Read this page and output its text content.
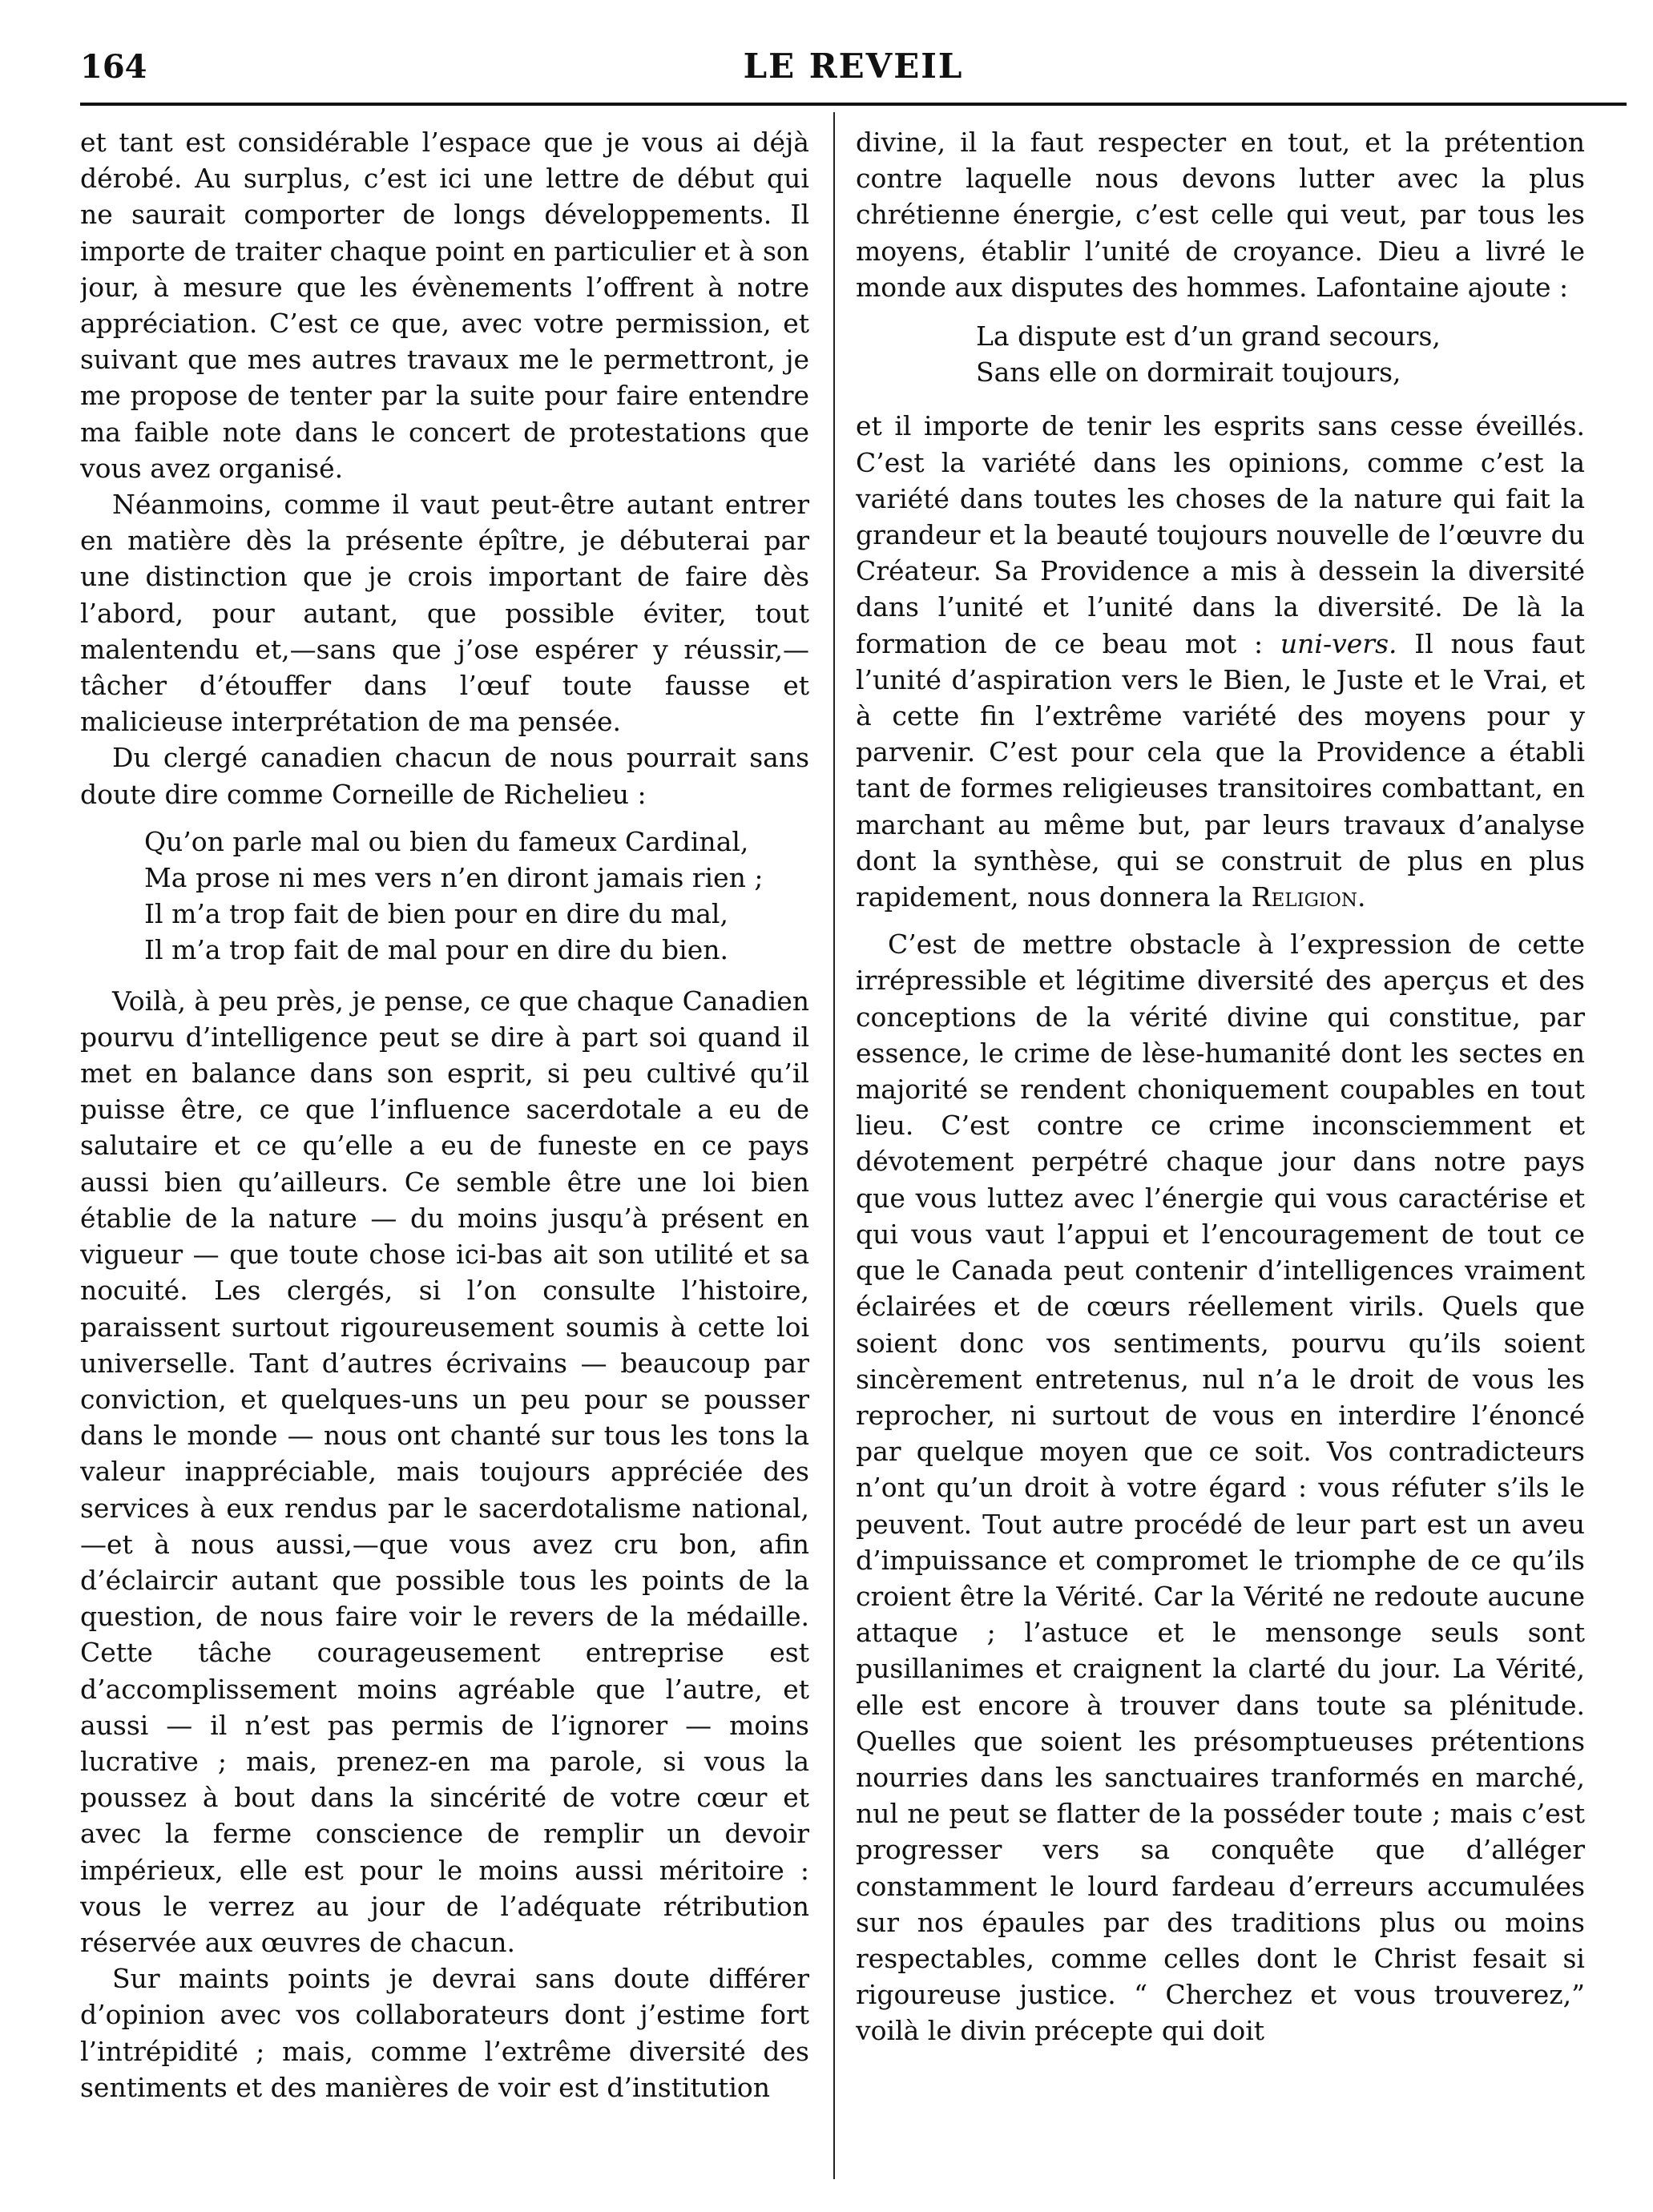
164	LE REVEIL

et tant est considérable l’espace que je vous ai déjà dérobé. Au surplus, c’est ici une lettre de début qui ne saurait comporter de longs développements. Il importe de traiter chaque point en particulier et à son jour, à mesure que les évènements l’offrent à notre appréciation. C’est ce que, avec votre permission, et suivant que mes autres travaux me le permettront, je me propose de tenter par la suite pour faire entendre ma faible note dans le concert de protestations que vous avez organisé.

Néanmoins, comme il vaut peut-être autant entrer en matière dès la présente épître, je débuterai par une distinction que je crois important de faire dès l’abord, pour autant, que possible éviter, tout malentendu et,—sans que j’ose espérer y réussir,—tâcher d’étouffer dans l’œuf toute fausse et malicieuse interprétation de ma pensée.

Du clergé canadien chacun de nous pourrait sans doute dire comme Corneille de Richelieu :

Qu’on parle mal ou bien du fameux Cardinal,
Ma prose ni mes vers n’en diront jamais rien ;
Il m’a trop fait de bien pour en dire du mal,
Il m’a trop fait de mal pour en dire du bien.

Voilà, à peu près, je pense, ce que chaque Canadien pourvu d’intelligence peut se dire à part soi quand il met en balance dans son esprit, si peu cultivé qu’il puisse être, ce que l’influence sacerdotale a eu de salutaire et ce qu’elle a eu de funeste en ce pays aussi bien qu’ailleurs. Ce semble être une loi bien établie de la nature — du moins jusqu’à présent en vigueur — que toute chose ici-bas ait son utilité et sa nocuité. Les clergés, si l’on consulte l’histoire, paraissent surtout rigoureusement soumis à cette loi universelle. Tant d’autres écrivains — beaucoup par conviction, et quelques-uns un peu pour se pousser dans le monde — nous ont chanté sur tous les tons la valeur inappréciable, mais toujours appréciée des services à eux rendus par le sacerdotalisme national,—et à nous aussi,—que vous avez cru bon, afin d’éclaircir autant que possible tous les points de la question, de nous faire voir le revers de la médaille. Cette tâche courageusement entreprise est d’accomplissement moins agréable que l’autre, et aussi — il n’est pas permis de l’ignorer — moins lucrative ; mais, prenez-en ma parole, si vous la poussez à bout dans la sincérité de votre cœur et avec la ferme conscience de remplir un devoir impérieux, elle est pour le moins aussi méritoire : vous le verrez au jour de l’adéquate rétribution réservée aux œuvres de chacun.

Sur maints points je devrai sans doute différer d’opinion avec vos collaborateurs dont j’estime fort l’intrépidité ; mais, comme l’extrême diversité des sentiments et des manières de voir est d’institution

divine, il la faut respecter en tout, et la prétention contre laquelle nous devons lutter avec la plus chrétienne énergie, c’est celle qui veut, par tous les moyens, établir l’unité de croyance. Dieu a livré le monde aux disputes des hommes. Lafontaine ajoute :

La dispute est d’un grand secours,
Sans elle on dormirait toujours,

et il importe de tenir les esprits sans cesse éveillés. C’est la variété dans les opinions, comme c’est la variété dans toutes les choses de la nature qui fait la grandeur et la beauté toujours nouvelle de l’œuvre du Créateur. Sa Providence a mis à dessein la diversité dans l’unité et l’unité dans la diversité. De là la formation de ce beau mot : uni-vers. Il nous faut l’unité d’aspiration vers le Bien, le Juste et le Vrai, et à cette fin l’extrême variété des moyens pour y parvenir. C’est pour cela que la Providence a établi tant de formes religieuses transitoires combattant, en marchant au même but, par leurs travaux d’analyse dont la synthèse, qui se construit de plus en plus rapidement, nous donnera la Religion.

C’est de mettre obstacle à l’expression de cette irrépressible et légitime diversité des aperçus et des conceptions de la vérité divine qui constitue, par essence, le crime de lèse-humanité dont les sectes en majorité se rendent choniquement coupables en tout lieu. C’est contre ce crime inconsciemment et dévotement perpétré chaque jour dans notre pays que vous luttez avec l’énergie qui vous caractérise et qui vous vaut l’appui et l’encouragement de tout ce que le Canada peut contenir d’intelligences vraiment éclairées et de cœurs réellement virils. Quels que soient donc vos sentiments, pourvu qu’ils soient sincèrement entretenus, nul n’a le droit de vous les reprocher, ni surtout de vous en interdire l’énoncé par quelque moyen que ce soit. Vos contradicteurs n’ont qu’un droit à votre égard : vous réfuter s’ils le peuvent. Tout autre procédé de leur part est un aveu d’impuissance et compromet le triomphe de ce qu’ils croient être la Vérité. Car la Vérité ne redoute aucune attaque ; l’astuce et le mensonge seuls sont pusillanimes et craignent la clarté du jour. La Vérité, elle est encore à trouver dans toute sa plénitude. Quelles que soient les présomptueuses prétentions nourries dans les sanctuaires tranformés en marché, nul ne peut se flatter de la posséder toute ; mais c’est progresser vers sa conquête que d’alléger constamment le lourd fardeau d’erreurs accumulées sur nos épaules par des traditions plus ou moins respectables, comme celles dont le Christ fesait si rigoureuse justice. “ Cherchez et vous trouverez,” voilà le divin précepte qui doit
